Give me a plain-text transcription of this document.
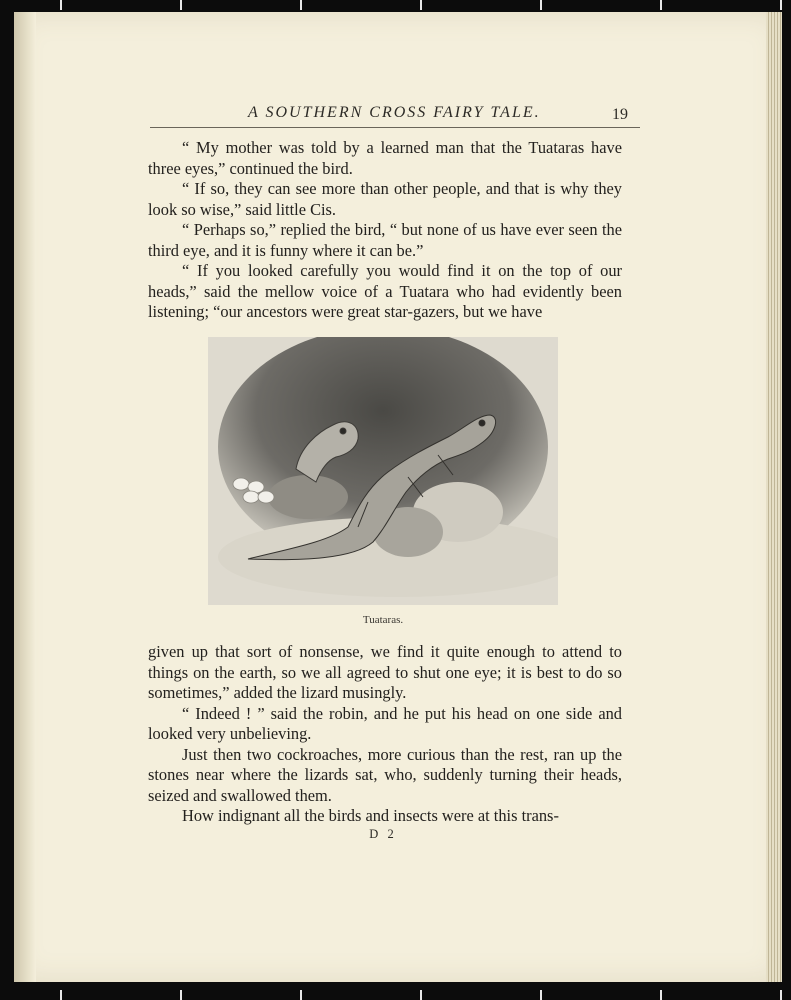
A SOUTHERN CROSS FAIRY TALE.	19

“ My mother was told by a learned man that the Tuataras have three eyes,” continued the bird.

“ If so, they can see more than other people, and that is why they look so wise,” said little Cis.

“ Perhaps so,” replied the bird, “ but none of us have ever seen the third eye, and it is funny where it can be.”

“ If you looked carefully you would find it on the top of our heads,” said the mellow voice of a Tuatara who had evidently been listening; “our ancestors were great star-gazers, but we have

Tuataras.

given up that sort of nonsense, we find it quite enough to attend to things on the earth, so we all agreed to shut one eye; it is best to do so sometimes,” added the lizard musingly.

“ Indeed ! ” said the robin, and he put his head on one side and looked very unbelieving.

Just then two cockroaches, more curious than the rest, ran up the stones near where the lizards sat, who, suddenly turning their heads, seized and swallowed them.

How indignant all the birds and insects were at this trans-

D 2
